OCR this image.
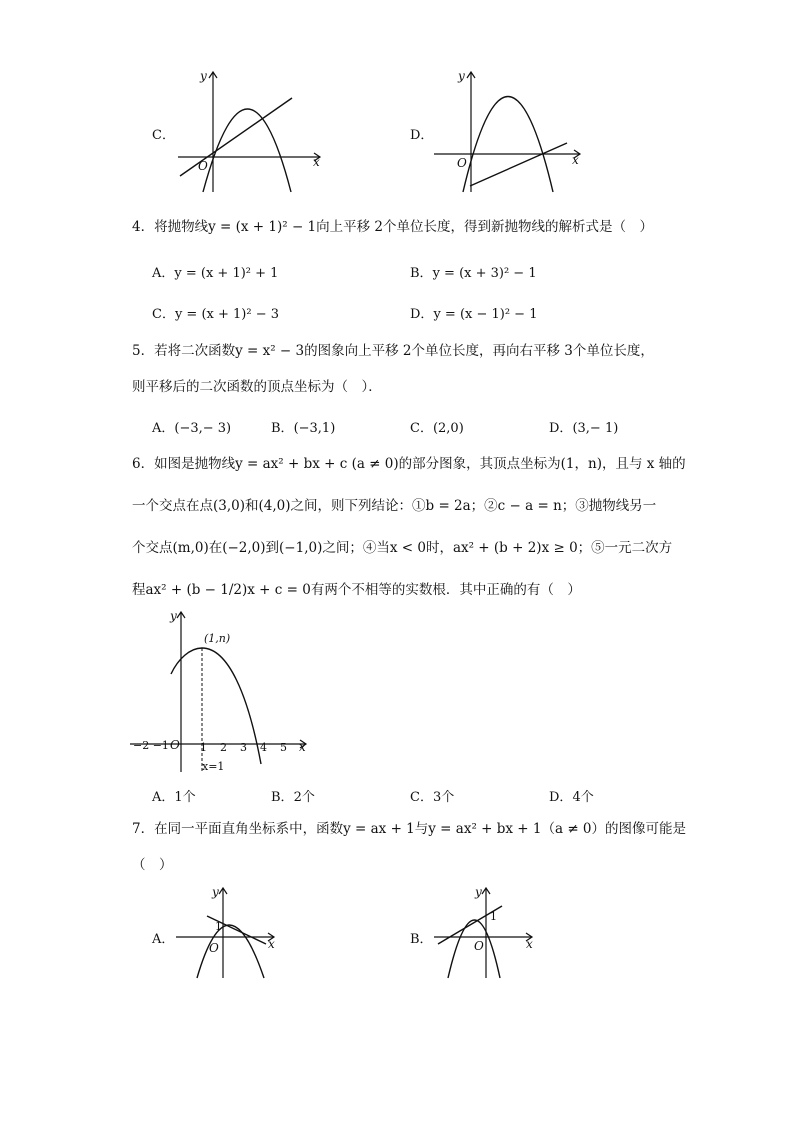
C．
y
x
O
D．
y
x
O
4．将抛物线y = (x + 1)² − 1向上平移 2个单位长度，得到新抛物线的解析式是（　）
A．y = (x + 1)² + 1	B．y = (x + 3)² − 1
C．y = (x + 1)² − 3	D．y = (x − 1)² − 1
5．若将二次函数y = x² − 3的图象向上平移 2个单位长度，再向右平移 3个单位长度，
则平移后的二次函数的顶点坐标为（　）．
A．(−3,− 3)	B．(−3,1)	C．(2,0)	D．(3,− 1)
6．如图是抛物线y = ax² + bx + c (a ≠ 0)的部分图象，其顶点坐标为(1，n)，且与 x 轴的
一个交点在点(3,0)和(4,0)之间，则下列结论：①b = 2a；②c − a = n；③抛物线另一
个交点(m,0)在(−2,0)到(−1,0)之间；④当x < 0时，ax² + (b + 2)x ≥ 0；⑤一元二次方
程ax² + (b − 1/2)x + c = 0有两个不相等的实数根．其中正确的有（　）
y
x
(1,n)
−2 −1 O 1 2 3 4 5
x=1
A．1个	B．2个	C．3个	D．4个
7．在同一平面直角坐标系中，函数y = ax + 1与y = ax² + bx + 1（a ≠ 0）的图像可能是
（　）
A．
y
x
O
1
B．
y
x
O
1
